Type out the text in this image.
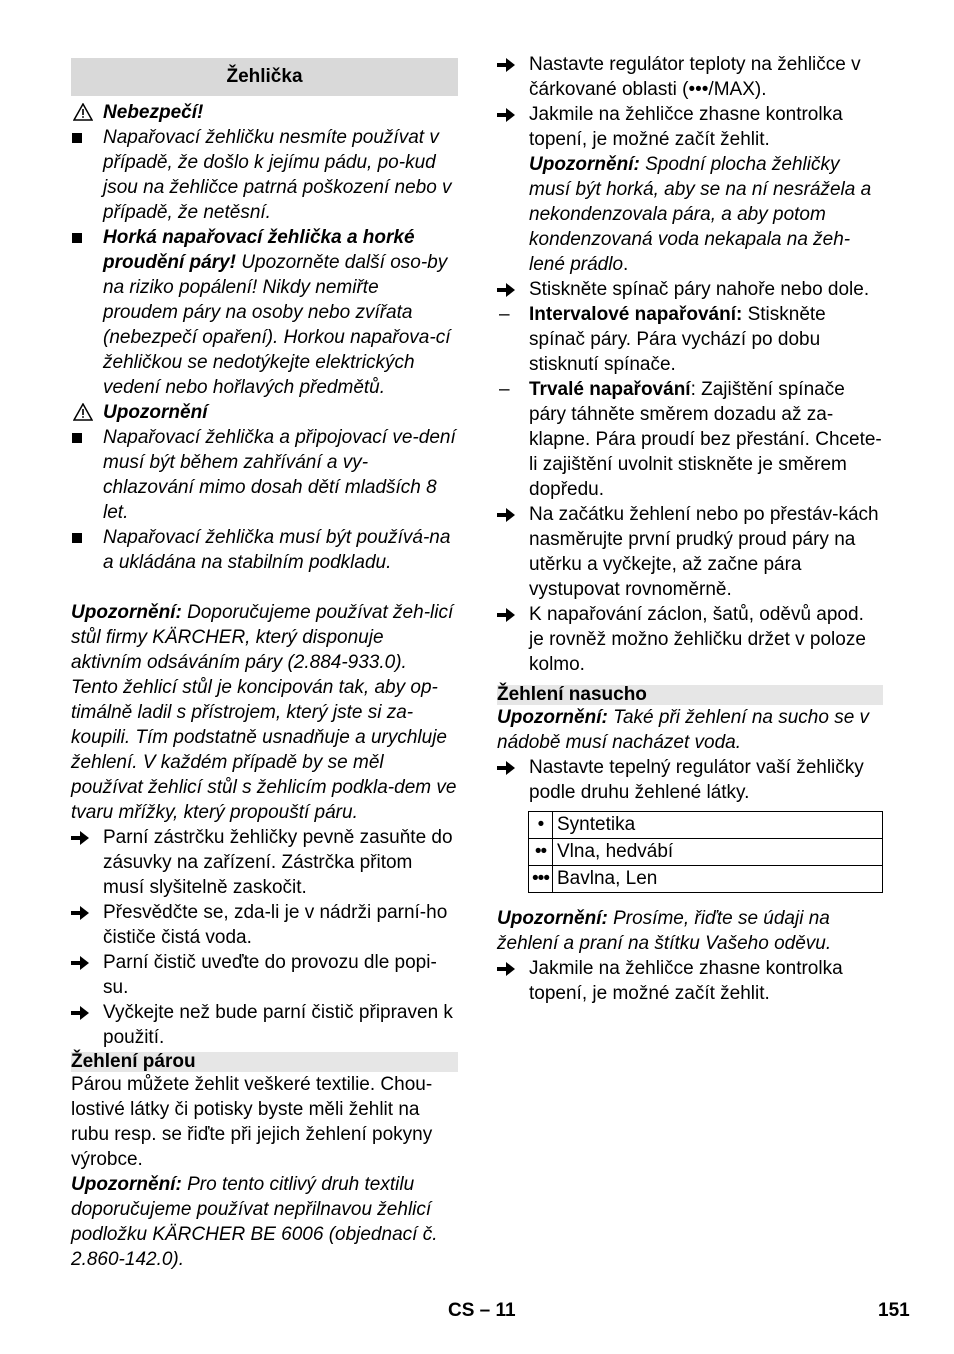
Žehlička
Nebezpečí!
Napařovací žehličku nesmíte používat v případě, že došlo k jejímu pádu, po-kud jsou na žehličce patrná poškození nebo v případě, že netěsní.
Horká napařovací žehlička a horké proudění páry! Upozorněte další oso-by na riziko popálení! Nikdy nemiřte proudem páry na osoby nebo zvířata (nebezpečí opaření). Horkou napařova-cí žehličkou se nedotýkejte elektrických vedení nebo hořlavých předmětů.
Upozornění
Napařovací žehlička a připojovací ve-dení musí být během zahřívání a vy-chlazování mimo dosah dětí mladších 8 let.
Napařovací žehlička musí být používá-na a ukládána na stabilním podkladu.

Upozornění: Doporučujeme používat žeh-licí stůl firmy KÄRCHER, který disponuje aktivním odsáváním páry (2.884-933.0). Tento žehlicí stůl je koncipován tak, aby op-timálně ladil s přístrojem, který jste si za-koupili. Tím podstatně usnadňuje a urychluje žehlení. V každém případě by se měl používat žehlicí stůl s žehlicím podkla-dem ve tvaru mřížky, který propouští páru.

Parní zástrčku žehličky pevně zasuňte do zásuvky na zařízení. Zástrčka přitom musí slyšitelně zaskočit.
Přesvědčte se, zda-li je v nádrži parní-ho čističe čistá voda.
Parní čistič uveďte do provozu dle popi-su.
Vyčkejte než bude parní čistič připraven k použití.
Žehlení párou

Párou můžete žehlit veškeré textilie. Chou-lostivé látky či potisky byste měli žehlit na rubu resp. se řiďte při jejich žehlení pokyny výrobce.

Upozornění: Pro tento citlivý druh textilu doporučujeme používat nepřilnavou žehlicí podložku KÄRCHER BE 6006 (objednací č. 2.860-142.0).

Nastavte regulátor teploty na žehličce v čárkované oblasti (•••/MAX).
Jakmile na žehličce zhasne kontrolka topení, je možné začít žehlit.
Upozornění: Spodní plocha žehličky musí být horká, aby se na ní nesrážela a nekondenzovala pára, a aby potom kondenzovaná voda nekapala na žeh-lené prádlo.
Stiskněte spínač páry nahoře nebo dole.
– Intervalové napařování: Stiskněte spínač páry. Pára vychází po dobu stisknutí spínače.
– Trvalé napařování: Zajištění spínače páry táhněte směrem dozadu až za-klapne. Pára proudí bez přestání. Chcete-li zajištění uvolnit stiskněte je směrem dopředu.
Na začátku žehlení nebo po přestáv-kách nasměrujte první prudký proud páry na utěrku a vyčkejte, až začne pára vystupovat rovnoměrně.
K napařování záclon, šatů, oděvů apod. je rovněž možno žehličku držet v poloze kolmo.
Žehlení nasucho

Upozornění: Také při žehlení na sucho se v nádobě musí nacházet voda.

Nastavte tepelný regulátor vaší žehličky podle druhu žehlené látky.
•	Syntetika
••	Vlna, hedvábí
•••	Bavlna, Len

Upozornění: Prosíme, řiďte se údaji na žehlení a praní na štítku Vašeho oděvu.

Jakmile na žehličce zhasne kontrolka topení, je možné začít žehlit.
CS – 11	151
